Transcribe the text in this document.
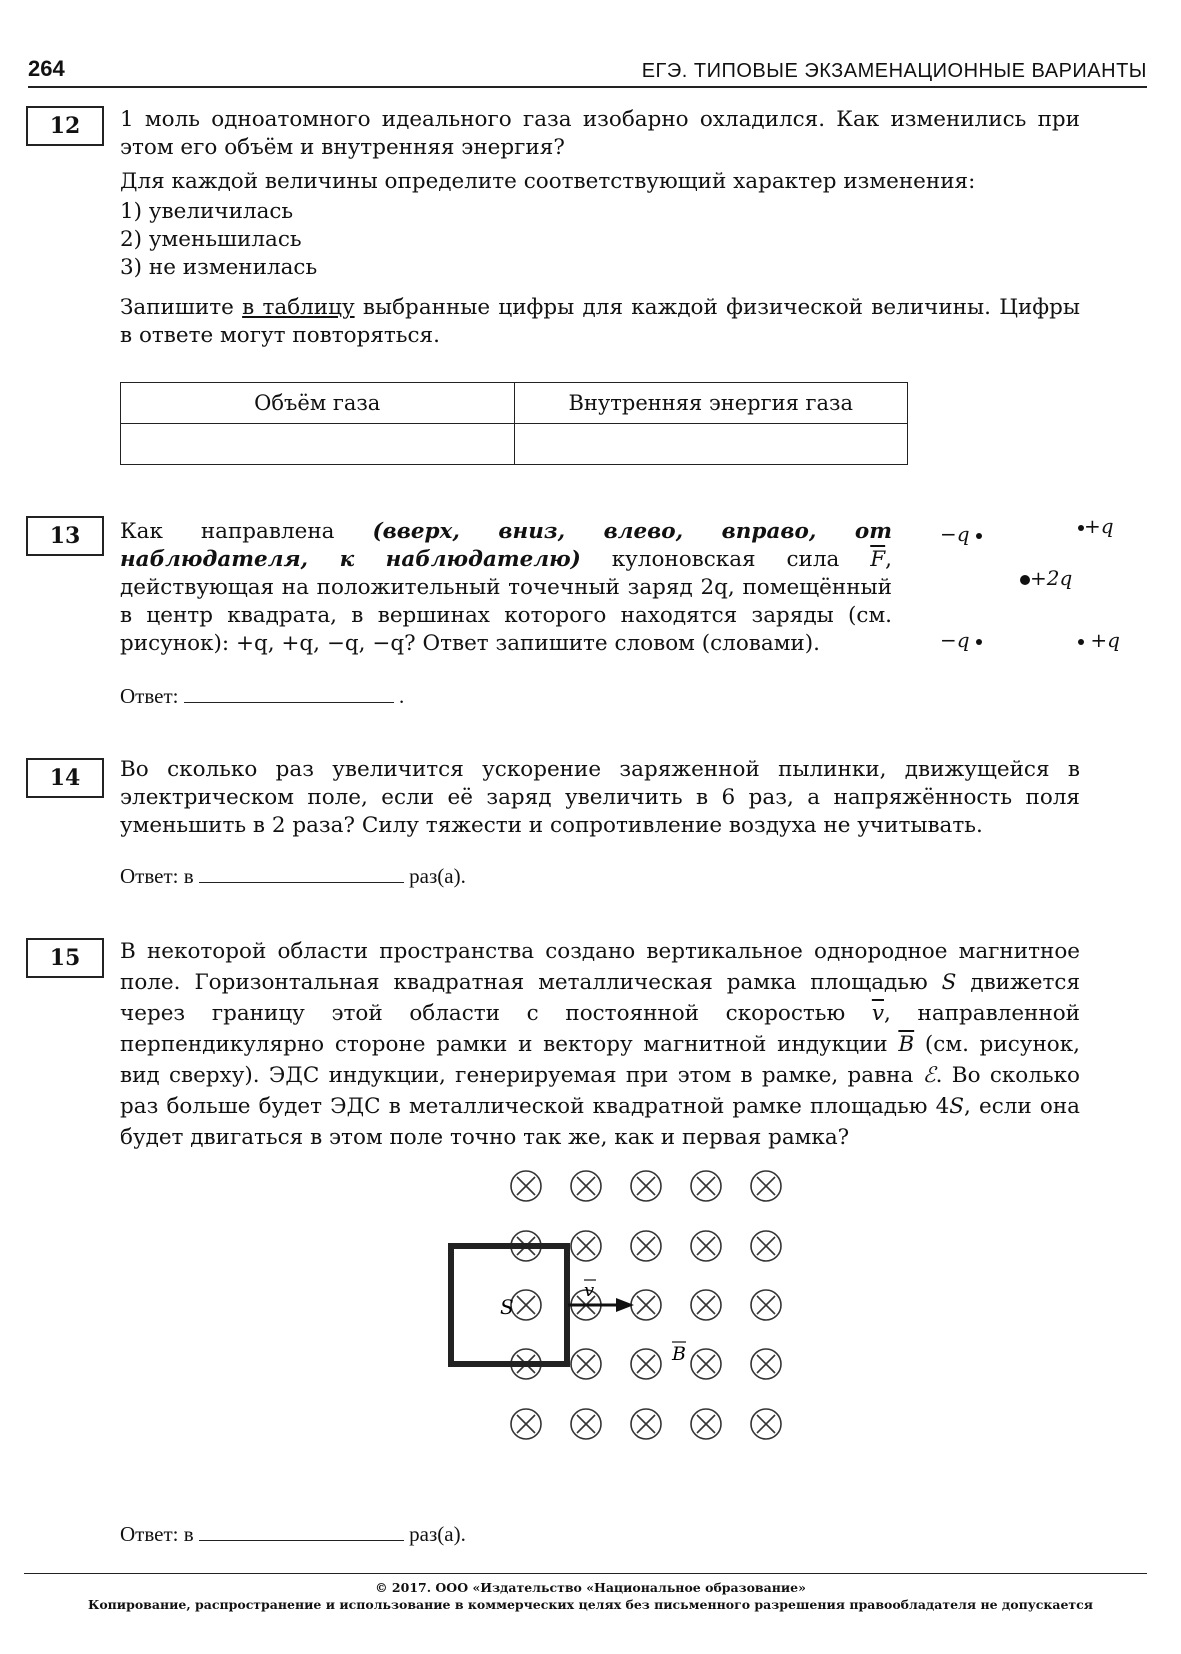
264	ЕГЭ. ТИПОВЫЕ ЭКЗАМЕНАЦИОННЫЕ ВАРИАНТЫ
12	1 моль одноатомного идеального газа изобарно охладился. Как изменились при этом его объём и внутренняя энергия?
Для каждой величины определите соответствующий характер изменения:
1) увеличилась
2) уменьшилась
3) не изменилась
Запишите в таблицу выбранные цифры для каждой физической величины. Цифры в ответе могут повторяться.
Объём газа	Внутренняя энергия газа

13	Как направлена (вверх, вниз, влево, вправо, от наблюдателя, к наблюдателю) кулоновская сила $\overline{F}$, действующая на положительный точечный заряд 2q, помещённый в центр квадрата, в вершинах которого находятся заряды (см. рисунок): +q, +q, −q, −q? Ответ запишите словом (словами).
Ответ:	.
−q	+q
+2q
−q	+q
14	Во сколько раз увеличится ускорение заряженной пылинки, движущейся в электрическом поле, если её заряд увеличить в 6 раз, а напряжённость поля уменьшить в 2 раза? Силу тяжести и сопротивление воздуха не учитывать.
Ответ: в	раз(а).
15	В некоторой области пространства создано вертикальное однородное магнитное поле. Горизонтальная квадратная металлическая рамка площадью S движется через границу этой области с постоянной скоростью $\overline{v}$, направленной перпендикулярно стороне рамки и вектору магнитной индукции $\overline{B}$ (см. рисунок, вид сверху). ЭДС индукции, генерируемая при этом в рамке, равна ℰ. Во сколько раз больше будет ЭДС в металлической квадратной рамке площадью 4S, если она будет двигаться в этом поле точно так же, как и первая рамка?
S
v
B
Ответ: в	раз(а).
© 2017. ООО «Издательство «Национальное образование»
Копирование, распространение и использование в коммерческих целях без письменного разрешения правообладателя не допускается
